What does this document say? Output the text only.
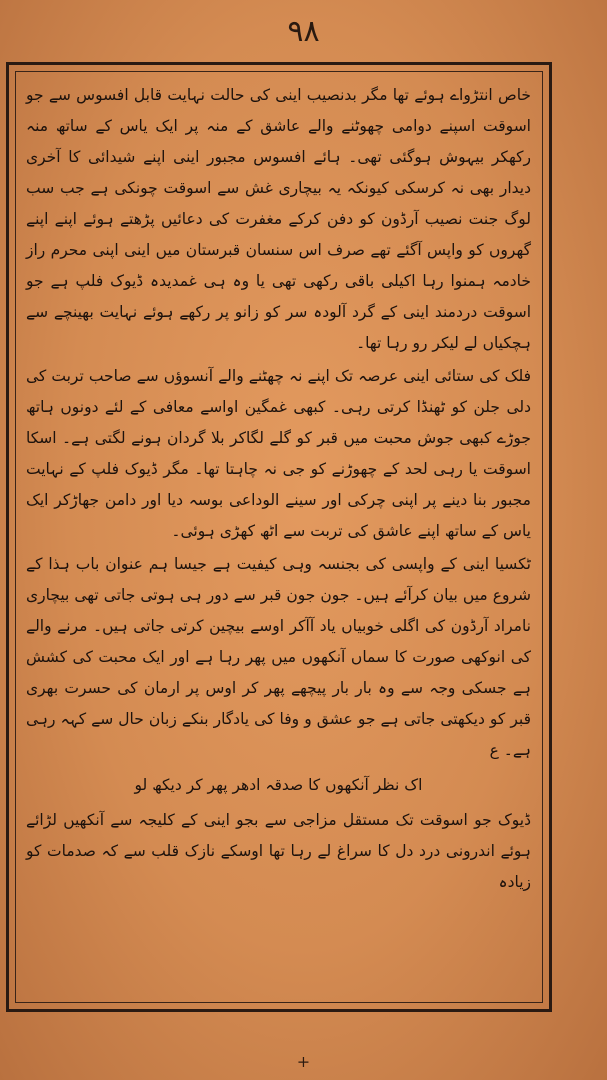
۹۸

خاص انتڑواے ہوئے تھا مگر بدنصیب اینی کی حالت نہایت قابل افسوس سے جو اسوقت اسپنے دوامی چھوٹنے والے عاشق کے منہ پر ایک یاس کے ساتھ منہ رکھکر بیہوش ہوگئی تھی۔ ہائے افسوس مجبور اینی اپنے شیدائی کا آخری دیدار بھی نہ کرسکی کیونکہ یہ بیچاری غش سے اسوقت چونکی ہے جب سب لوگ جنت نصیب آرڈون کو دفن کرکے مغفرت کی دعائیں پڑھتے ہوئے اپنے اپنے گھروں کو واپس آگئے تھے صرف اس سنسان قبرستان میں اینی اپنی محرم راز خادمہ ہمنوا رہا اکیلی باقی رکھی تھی یا وہ ہی غمدیدہ ڈیوک فلپ ہے جو اسوقت دردمند اینی کے گرد آلودہ سر کو زانو پر رکھے ہوئے نہایت بھینچے سے ہچکیاں لے لیکر رو رہا تھا۔

فلک کی ستائی اینی عرصہ تک اپنے نہ چھٹنے والے آنسوؤں سے صاحب تربت کی دلی جلن کو ٹھنڈا کرتی رہی۔ کبھی غمگین اواسے معافی کے لئے دونوں ہاتھ جوڑے کبھی جوش محبت میں قبر کو گلے لگاکر بلا گردان ہونے لگتی ہے۔ اسکا اسوقت یا رہی لحد کے چھوڑنے کو جی نہ چاہتا تھا۔ مگر ڈیوک فلپ کے نہایت مجبور بنا دینے پر اپنی چرکی اور سینے الوداعی بوسہ دیا اور دامن جھاڑکر ایک یاس کے ساتھ اپنے عاشق کی تربت سے اٹھ کھڑی ہوئی۔

ٹکسیا اینی کے واپسی کی بجنسہ وہی کیفیت ہے جیسا ہم عنوان باب ہذا کے شروع میں بیان کرآئے ہیں۔ جون جون قبر سے دور ہی ہوتی جاتی تھی بیچاری نامراد آرڈون کی اگلی خوبیاں یاد آآکر اوسے بیچین کرتی جاتی ہیں۔ مرنے والے کی انوکھی صورت کا سماں آنکھوں میں پھر رہا ہے اور ایک محبت کی کشش ہے جسکی وجہ سے وہ بار بار پیچھے پھر کر اوس پر ارمان کی حسرت بھری قبر کو دیکھتی جاتی ہے جو عشق و وفا کی یادگار بنکے زبان حال سے کہہ رہی ہے۔ ع

اک نظر آنکھوں کا صدقہ ادھر پھر کر دیکھ لو

ڈیوک جو اسوقت تک مستقل مزاجی سے بجو اینی کے کلیجہ سے آنکھیں لڑائے ہوئے اندرونی درد دل کا سراغ لے رہا تھا اوسکے نازک قلب سے کہ صدمات کو زیادہ

+
